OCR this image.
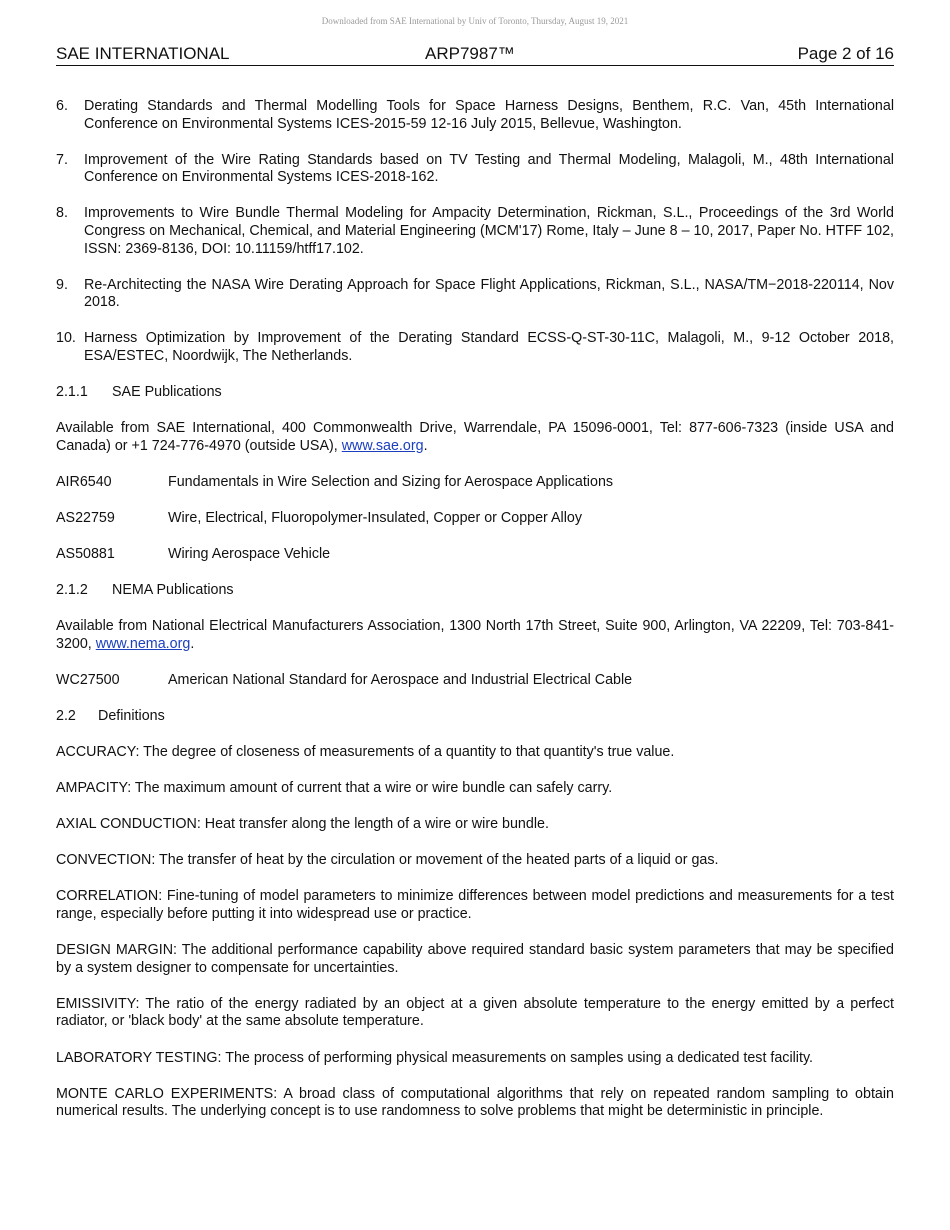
Downloaded from SAE International by Univ of Toronto, Thursday, August 19, 2021
SAE INTERNATIONAL	ARP7987™	Page 2 of 16
6.	Derating Standards and Thermal Modelling Tools for Space Harness Designs, Benthem, R.C. Van, 45th International Conference on Environmental Systems ICES-2015-59 12-16 July 2015, Bellevue, Washington.
7.	Improvement of the Wire Rating Standards based on TV Testing and Thermal Modeling, Malagoli, M., 48th International Conference on Environmental Systems ICES-2018-162.
8.	Improvements to Wire Bundle Thermal Modeling for Ampacity Determination, Rickman, S.L., Proceedings of the 3rd World Congress on Mechanical, Chemical, and Material Engineering (MCM'17) Rome, Italy – June 8 – 10, 2017, Paper No. HTFF 102, ISSN: 2369-8136, DOI: 10.11159/htff17.102.
9.	Re-Architecting the NASA Wire Derating Approach for Space Flight Applications, Rickman, S.L., NASA/TM−2018-220114, Nov 2018.
10. Harness Optimization by Improvement of the Derating Standard ECSS-Q-ST-30-11C, Malagoli, M., 9-12 October 2018, ESA/ESTEC, Noordwijk, The Netherlands.
2.1.1	SAE Publications

Available from SAE International, 400 Commonwealth Drive, Warrendale, PA 15096-0001, Tel: 877-606-7323 (inside USA and Canada) or +1 724-776-4970 (outside USA), www.sae.org.

AIR6540	Fundamentals in Wire Selection and Sizing for Aerospace Applications
AS22759	Wire, Electrical, Fluoropolymer-Insulated, Copper or Copper Alloy
AS50881	Wiring Aerospace Vehicle
2.1.2	NEMA Publications

Available from National Electrical Manufacturers Association, 1300 North 17th Street, Suite 900, Arlington, VA 22209, Tel: 703-841-3200, www.nema.org.

WC27500	American National Standard for Aerospace and Industrial Electrical Cable
2.2	Definitions

ACCURACY: The degree of closeness of measurements of a quantity to that quantity's true value.

AMPACITY: The maximum amount of current that a wire or wire bundle can safely carry.

AXIAL CONDUCTION: Heat transfer along the length of a wire or wire bundle.

CONVECTION: The transfer of heat by the circulation or movement of the heated parts of a liquid or gas.

CORRELATION: Fine-tuning of model parameters to minimize differences between model predictions and measurements for a test range, especially before putting it into widespread use or practice.

DESIGN MARGIN: The additional performance capability above required standard basic system parameters that may be specified by a system designer to compensate for uncertainties.

EMISSIVITY: The ratio of the energy radiated by an object at a given absolute temperature to the energy emitted by a perfect radiator, or 'black body' at the same absolute temperature.

LABORATORY TESTING: The process of performing physical measurements on samples using a dedicated test facility.

MONTE CARLO EXPERIMENTS: A broad class of computational algorithms that rely on repeated random sampling to obtain numerical results. The underlying concept is to use randomness to solve problems that might be deterministic in principle.
